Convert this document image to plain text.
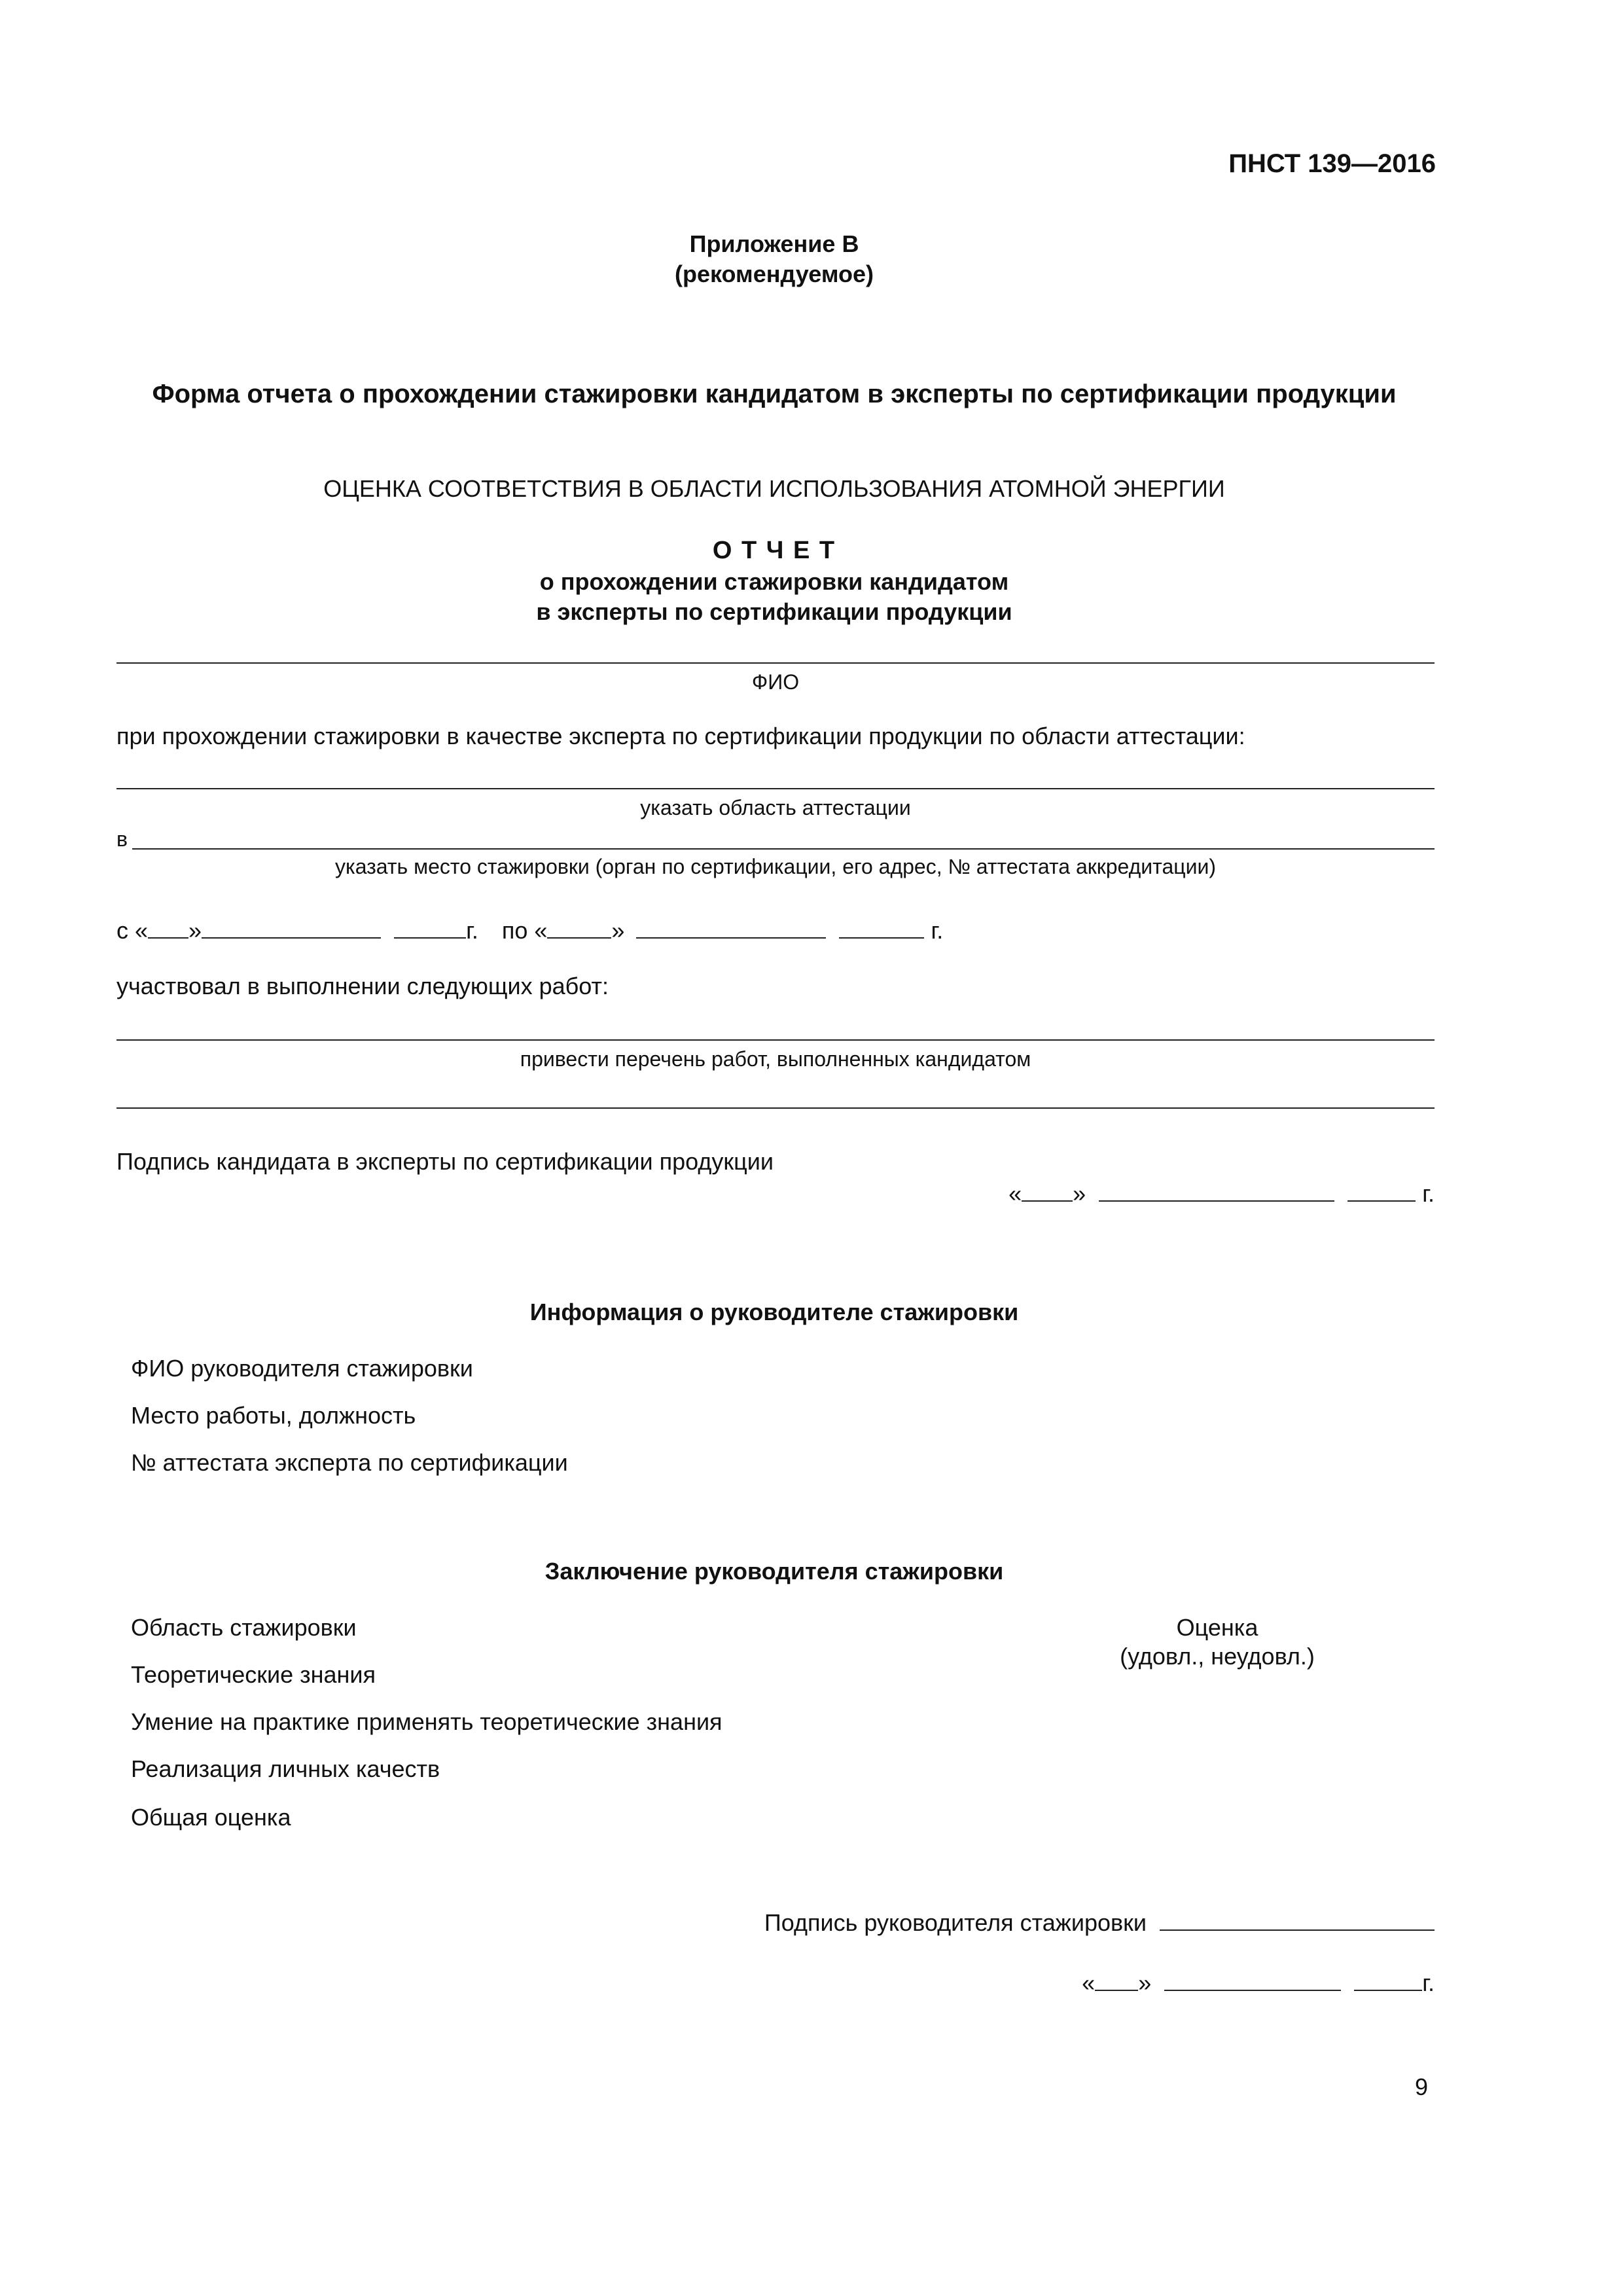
ПНСТ 139—2016
Приложение В
(рекомендуемое)
Форма отчета о прохождении стажировки кандидатом в эксперты по сертификации продукции
ОЦЕНКА СООТВЕТСТВИЯ В ОБЛАСТИ ИСПОЛЬЗОВАНИЯ АТОМНОЙ ЭНЕРГИИ
О Т Ч Е Т
о прохождении стажировки кандидатом
в эксперты по сертификации продукции
ФИО
при прохождении стажировки в качестве эксперта по сертификации продукции по области аттестации:
указать область аттестации
в
указать место стажировки (орган по сертификации, его адрес, № аттестата аккредитации)
с « »	г. по «	»	г.
участвовал в выполнении следующих работ:
привести перечень работ, выполненных кандидатом
Подпись кандидата в эксперты по сертификации продукции
« »	г.
Информация о руководителе стажировки
ФИО руководителя стажировки
Место работы, должность
№ аттестата эксперта по сертификации
Заключение руководителя стажировки
Область стажировки
Теоретические знания
Умение на практике применять теоретические знания
Реализация личных качеств
Общая оценка
Оценка
(удовл., неудовл.)
Подпись руководителя стажировки
« »	г.
9
